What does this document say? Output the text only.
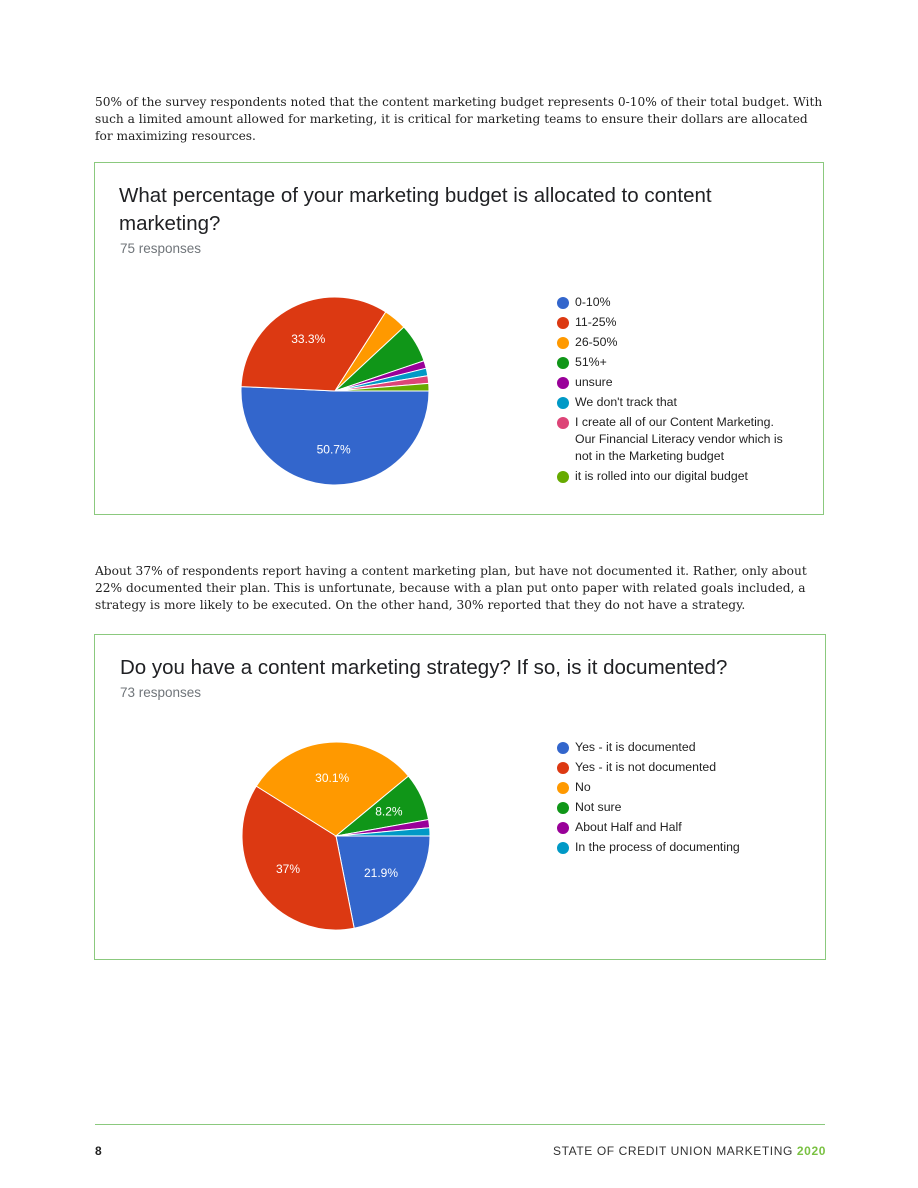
50% of the survey respondents noted that the content marketing budget represents 0-10% of their total budget. With such a limited amount allowed for marketing, it is critical for marketing teams to ensure their dollars are allocated for maximizing resources.

What percentage of your marketing budget is allocated to content marketing?
75 responses
50.7%
33.3%
0-10%
11-25%
26-50%
51%+
unsure
We don't track that
I create all of our Content Marketing. Our Financial Literacy vendor which is not in the Marketing budget
it is rolled into our digital budget

About 37% of respondents report having a content marketing plan, but have not documented it. Rather, only about 22% documented their plan. This is unfortunate, because with a plan put onto paper with related goals included, a strategy is more likely to be executed. On the other hand, 30% reported that they do not have a strategy.

Do you have a content marketing strategy? If so, is it documented?
73 responses
21.9%
37%
30.1%
8.2%
Yes - it is documented
Yes - it is not documented
No
Not sure
About Half and Half
In the process of documenting
8	STATE OF CREDIT UNION MARKETING 2020
